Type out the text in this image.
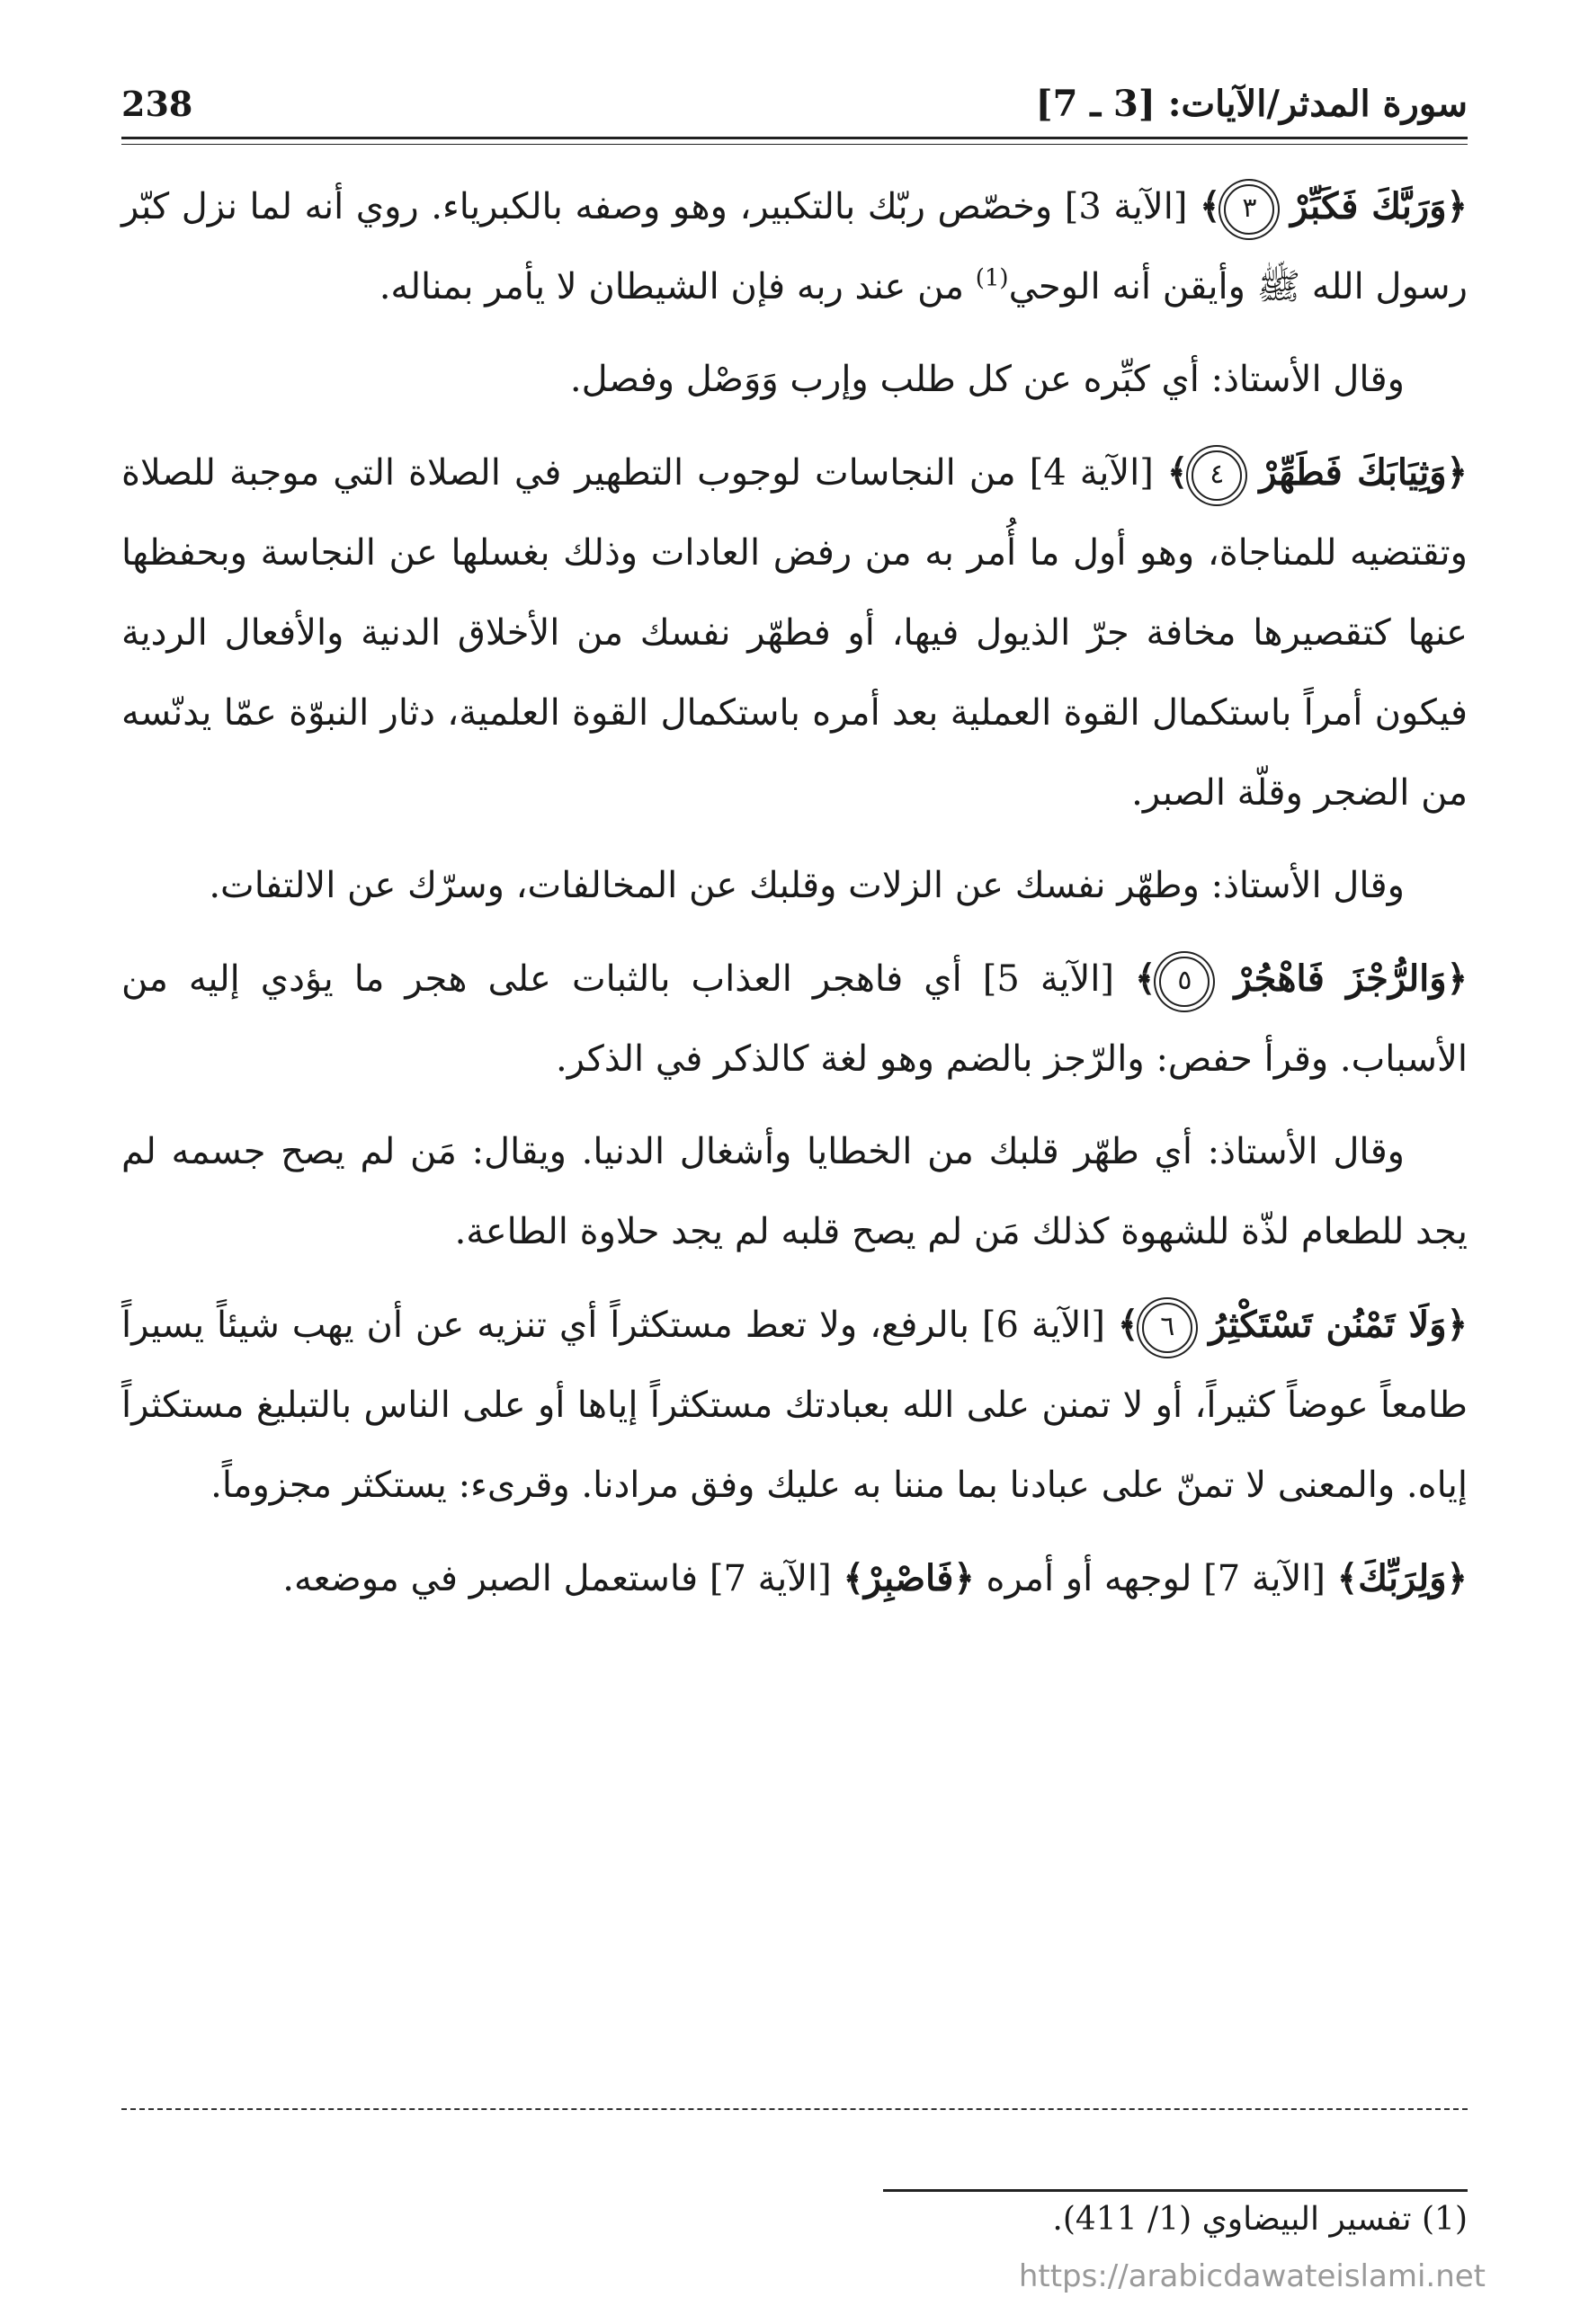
238	سورة المدثر/الآيات: [3 ـ 7]

﴿وَرَبَّكَ فَكَبِّرْ ٣﴾ [الآية 3] وخصّص ربّك بالتكبير، وهو وصفه بالكبرياء. روي أنه لما نزل كبّر رسول الله ﷺ وأيقن أنه الوحي$^{(1)}$ من عند ربه فإن الشيطان لا يأمر بمناله.

وقال الأستاذ: أي كبِّره عن كل طلب وإرب وَوَصْل وفصل.

﴿وَثِيَابَكَ فَطَهِّرْ ٤﴾ [الآية 4] من النجاسات لوجوب التطهير في الصلاة التي موجبة للصلاة وتقتضيه للمناجاة، وهو أول ما أُمر به من رفض العادات وذلك بغسلها عن النجاسة وبحفظها عنها كتقصيرها مخافة جرّ الذيول فيها، أو فطهّر نفسك من الأخلاق الدنية والأفعال الردية فيكون أمراً باستكمال القوة العملية بعد أمره باستكمال القوة العلمية، دثار النبوّة عمّا يدنّسه من الضجر وقلّة الصبر.

وقال الأستاذ: وطهّر نفسك عن الزلات وقلبك عن المخالفات، وسرّك عن الالتفات.

﴿وَالرُّجْزَ فَاهْجُرْ ٥﴾ [الآية 5] أي فاهجر العذاب بالثبات على هجر ما يؤدي إليه من الأسباب. وقرأ حفص: والرّجز بالضم وهو لغة كالذكر في الذكر.

وقال الأستاذ: أي طهّر قلبك من الخطايا وأشغال الدنيا. ويقال: مَن لم يصح جسمه لم يجد للطعام لذّة للشهوة كذلك مَن لم يصح قلبه لم يجد حلاوة الطاعة.

﴿وَلَا تَمْنُن تَسْتَكْثِرُ ٦﴾ [الآية 6] بالرفع، ولا تعط مستكثراً أي تنزيه عن أن يهب شيئاً يسيراً طامعاً عوضاً كثيراً، أو لا تمنن على الله بعبادتك مستكثراً إياها أو على الناس بالتبليغ مستكثراً إياه. والمعنى لا تمنّ على عبادنا بما مننا به عليك وفق مرادنا. وقرىء: يستكثر مجزوماً.

﴿وَلِرَبِّكَ﴾ [الآية 7] لوجهه أو أمره ﴿فَاصْبِرْ﴾ [الآية 7] فاستعمل الصبر في موضعه.

(1) تفسير البيضاوي (1/ 411).
https://arabicdawateislami.net
